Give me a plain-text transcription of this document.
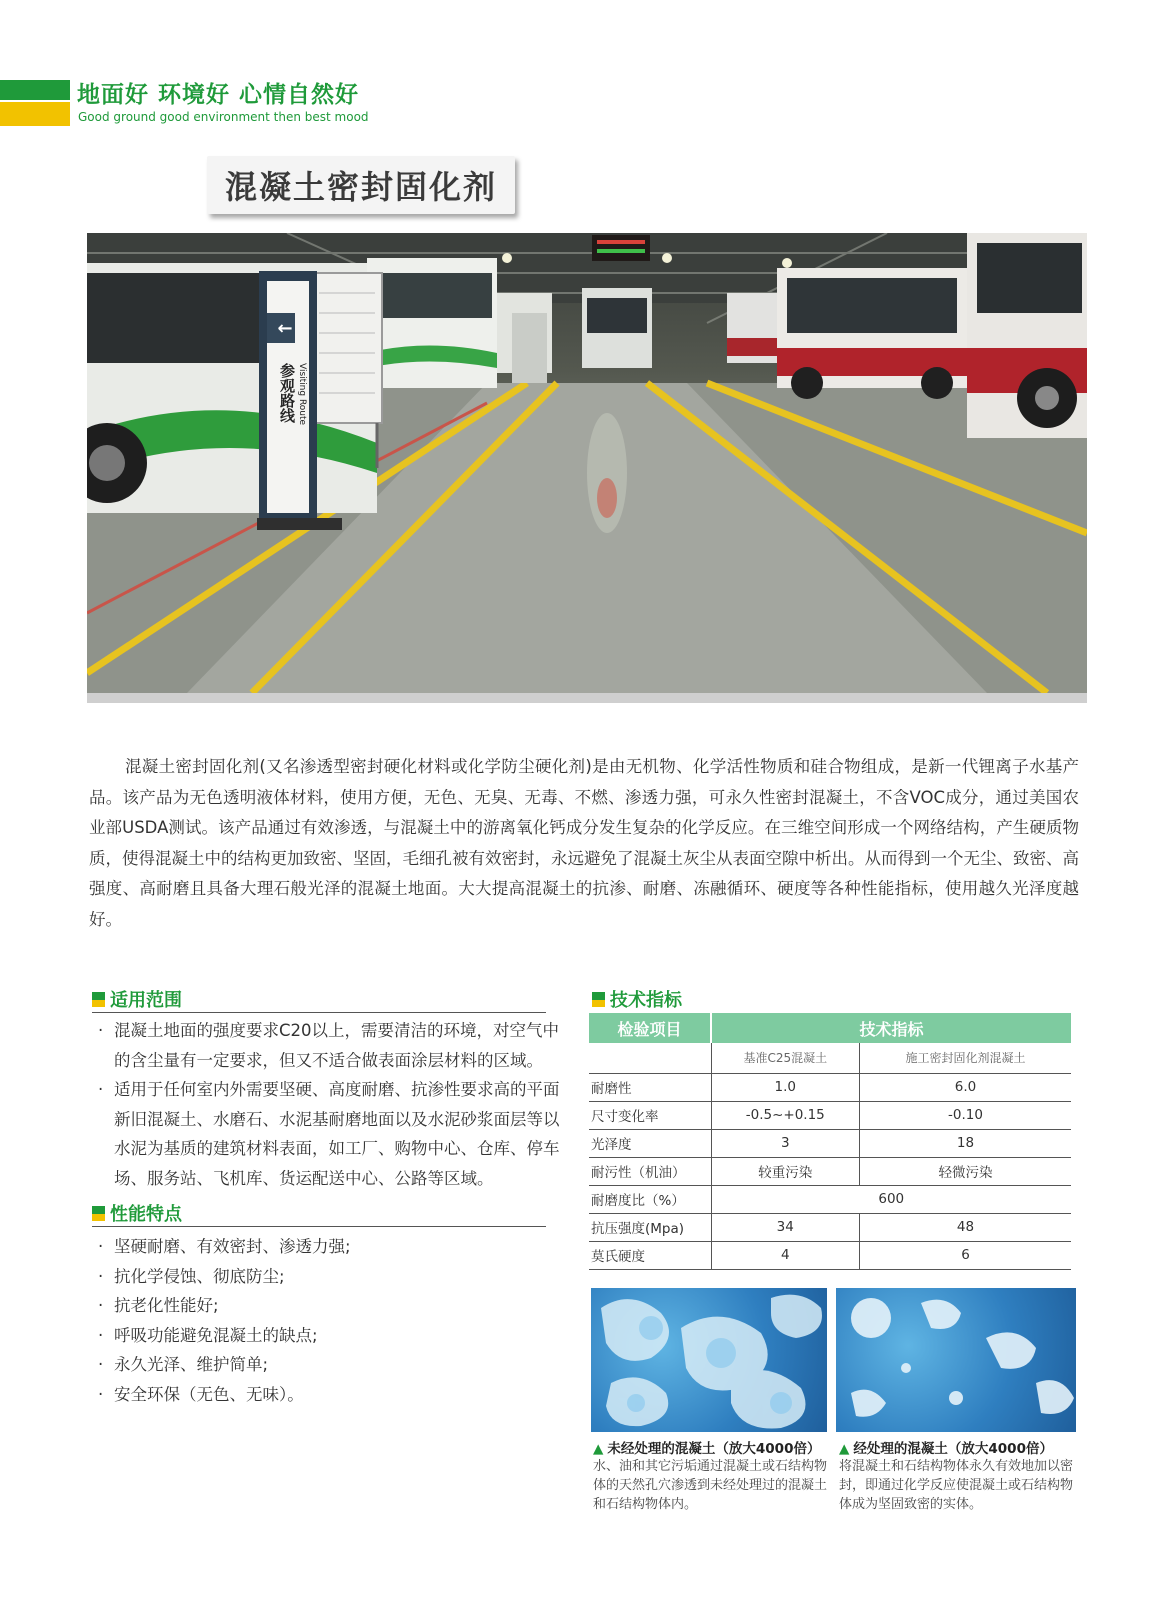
地面好 环境好 心情自然好
Good ground good environment then best mood
混凝土密封固化剂
←
参观路线 Visiting Route

混凝土密封固化剂(又名渗透型密封硬化材料或化学防尘硬化剂)是由无机物、化学活性物质和硅合物组成，是新一代锂离子水基产品。该产品为无色透明液体材料，使用方便，无色、无臭、无毒、不燃、渗透力强，可永久性密封混凝土，不含VOC成分，通过美国农业部USDA测试。该产品通过有效渗透，与混凝土中的游离氧化钙成分发生复杂的化学反应。在三维空间形成一个网络结构，产生硬质物质，使得混凝土中的结构更加致密、坚固，毛细孔被有效密封，永远避免了混凝土灰尘从表面空隙中析出。从而得到一个无尘、致密、高强度、高耐磨且具备大理石般光泽的混凝土地面。大大提高混凝土的抗渗、耐磨、冻融循环、硬度等各种性能指标，使用越久光泽度越好。

适用范围
· 混凝土地面的强度要求C20以上，需要清洁的环境，对空气中的含尘量有一定要求，但又不适合做表面涂层材料的区域。
· 适用于任何室内外需要坚硬、高度耐磨、抗渗性要求高的平面新旧混凝土、水磨石、水泥基耐磨地面以及水泥砂浆面层等以水泥为基质的建筑材料表面，如工厂、购物中心、仓库、停车场、服务站、飞机库、货运配送中心、公路等区域。
性能特点
· 坚硬耐磨、有效密封、渗透力强;
· 抗化学侵蚀、彻底防尘;
· 抗老化性能好;
· 呼吸功能避免混凝土的缺点;
· 永久光泽、维护简单;
· 安全环保（无色、无味）。
技术指标
检验项目	技术指标	
	基准C25混凝土	施工密封固化剂混凝土
耐磨性	1.0	6.0
尺寸变化率	-0.5~+0.15	-0.10
光泽度	3	18
耐污性（机油）	较重污染	轻微污染
耐磨度比（%）	600	
抗压强度(Mpa)	34	48
莫氏硬度	4	6
▲ 未经处理的混凝土（放大4000倍）
水、油和其它污垢通过混凝土或石结构物体的天然孔穴渗透到未经处理过的混凝土和石结构物体内。
▲ 经处理的混凝土（放大4000倍）
将混凝土和石结构物体永久有效地加以密封，即通过化学反应使混凝土或石结构物体成为坚固致密的实体。
